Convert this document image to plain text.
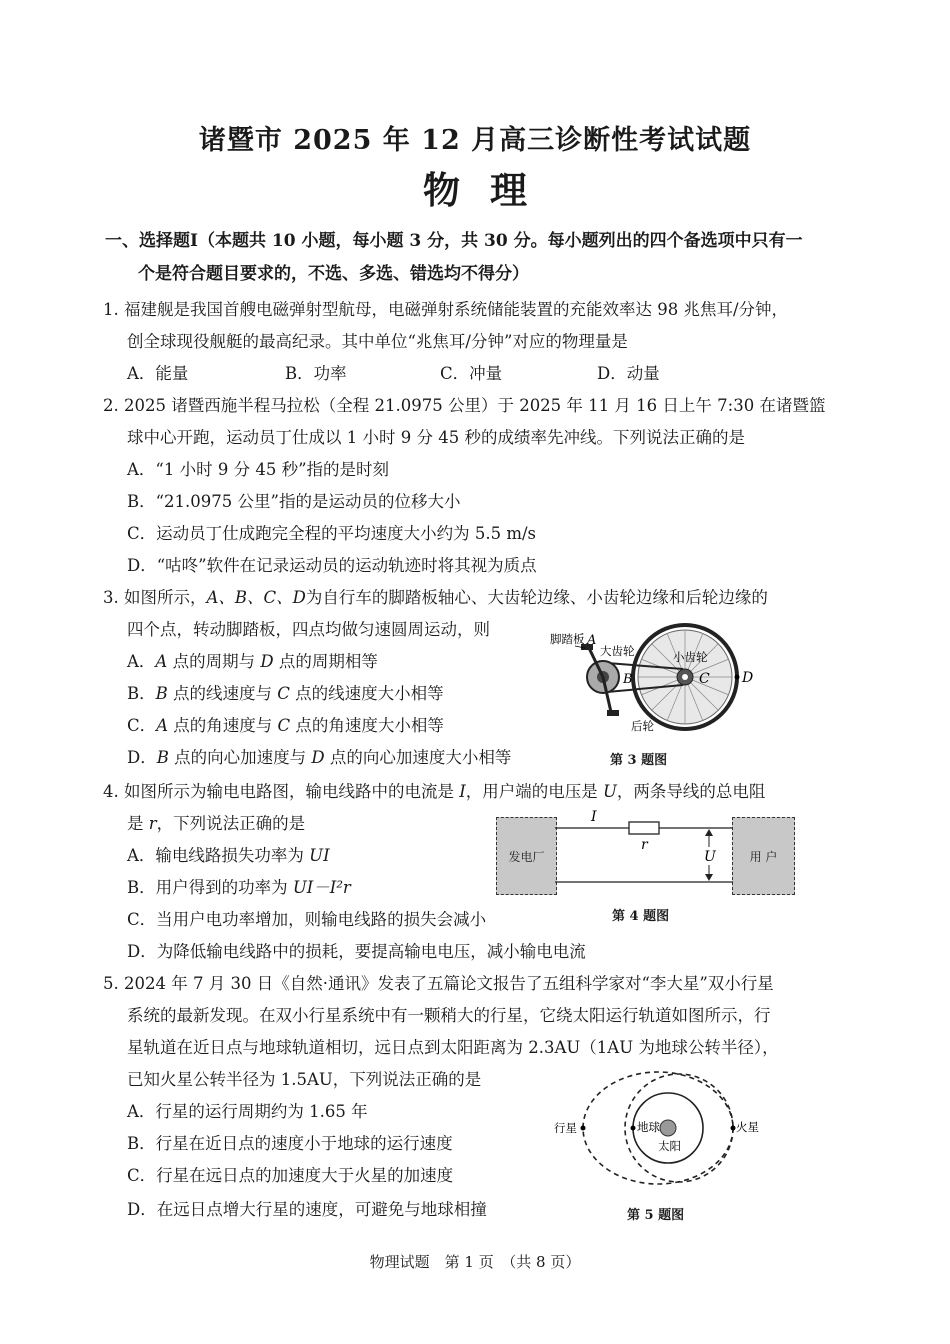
诸暨市 2025 年 12 月高三诊断性考试试题
物理
一、选择题Ⅰ（本题共 10 小题，每小题 3 分，共 30 分。每小题列出的四个备选项中只有一
个是符合题目要求的，不选、多选、错选均不得分）
1. 福建舰是我国首艘电磁弹射型航母，电磁弹射系统储能装置的充能效率达 98 兆焦耳/分钟，
创全球现役舰艇的最高纪录。其中单位“兆焦耳/分钟”对应的物理量是
A．能量	B．功率	C．冲量	D．动量
2. 2025 诸暨西施半程马拉松（全程 21.0975 公里）于 2025 年 11 月 16 日上午 7:30 在诸暨篮
球中心开跑，运动员丁仕成以 1 小时 9 分 45 秒的成绩率先冲线。下列说法正确的是
A．“1 小时 9 分 45 秒”指的是时刻
B．“21.0975 公里”指的是运动员的位移大小
C．运动员丁仕成跑完全程的平均速度大小约为 5.5 m/s
D．“咕咚”软件在记录运动员的运动轨迹时将其视为质点
3. 如图所示，A、B、C、D为自行车的脚踏板轴心、大齿轮边缘、小齿轮边缘和后轮边缘的
四个点，转动脚踏板，四点均做匀速圆周运动，则
A．A 点的周期与 D 点的周期相等
B．B 点的线速度与 C 点的线速度大小相等
C．A 点的角速度与 C 点的角速度大小相等
D．B 点的向心加速度与 D 点的向心加速度大小相等
脚踏板 A
大齿轮
B
小齿轮
C D
后轮
第 3 题图
4. 如图所示为输电电路图，输电线路中的电流是 I，用户端的电压是 U，两条导线的总电阻
是 r，下列说法正确的是
A．输电线路损失功率为 UI
B．用户得到的功率为 UI－I²r
C．当用户电功率增加，则输电线路的损失会减小
D．为降低输电线路中的损耗，要提高输电电压，减小输电电流
发电厂	用 户
I
r
U
第 4 题图
5. 2024 年 7 月 30 日《自然·通讯》发表了五篇论文报告了五组科学家对“李大星”双小行星
系统的最新发现。在双小行星系统中有一颗稍大的行星，它绕太阳运行轨道如图所示，行
星轨道在近日点与地球轨道相切，远日点到太阳距离为 2.3AU（1AU 为地球公转半径），
已知火星公转半径为 1.5AU，下列说法正确的是
A．行星的运行周期约为 1.65 年
B．行星在近日点的速度小于地球的运行速度
C．行星在远日点的加速度大于火星的加速度
D．在远日点增大行星的速度，可避免与地球相撞
行星	地球
太阳
火星
第 5 题图
物理试题　第 1 页　（共 8 页）
